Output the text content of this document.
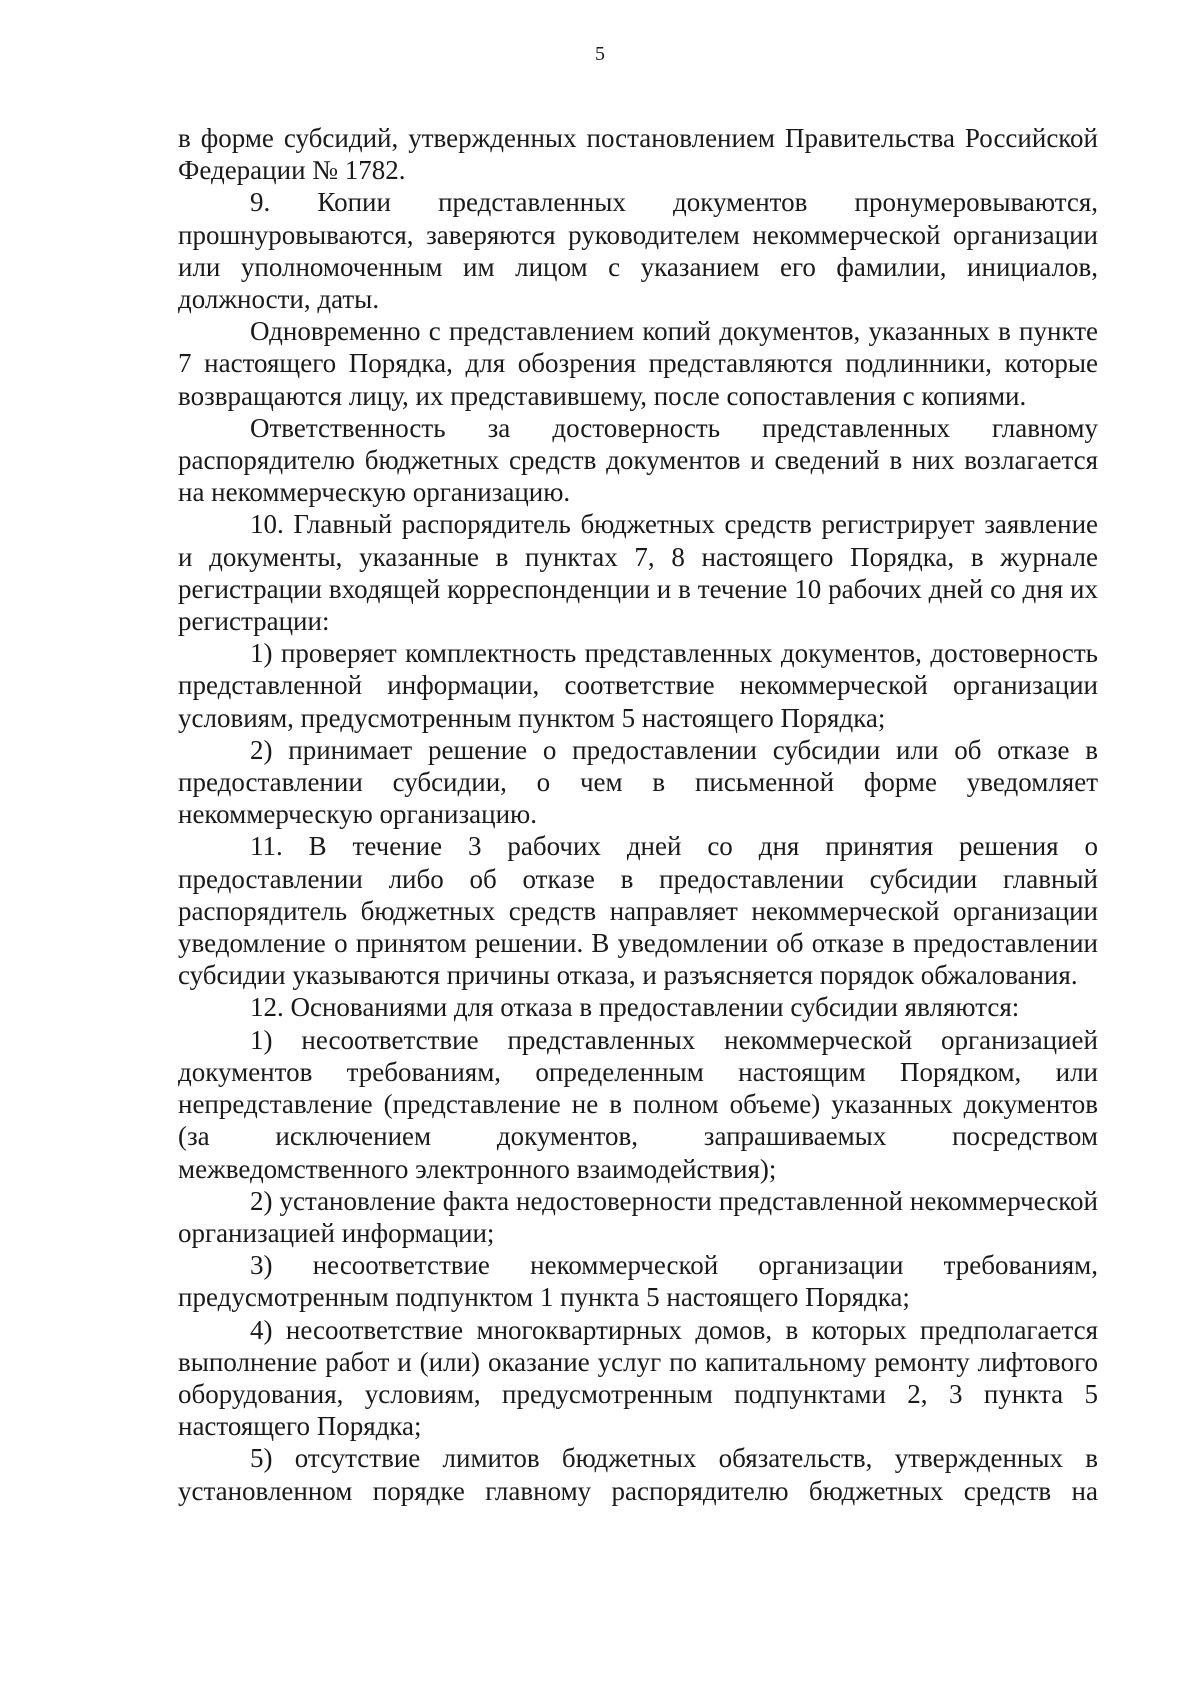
5

в форме субсидий, утвержденных постановлением Правительства Российской Федерации № 1782.

9. Копии представленных документов пронумеровываются, прошнуровываются, заверяются руководителем некоммерческой организации или уполномоченным им лицом с указанием его фамилии, инициалов, должности, даты.

Одновременно с представлением копий документов, указанных в пункте 7 настоящего Порядка, для обозрения представляются подлинники, которые возвращаются лицу, их представившему, после сопоставления с копиями.

Ответственность за достоверность представленных главному распорядителю бюджетных средств документов и сведений в них возлагается на некоммерческую организацию.

10. Главный распорядитель бюджетных средств регистрирует заявление и документы, указанные в пунктах 7, 8 настоящего Порядка, в журнале регистрации входящей корреспонденции и в течение 10 рабочих дней со дня их регистрации:

1) проверяет комплектность представленных документов, достоверность представленной информации, соответствие некоммерческой организации условиям, предусмотренным пунктом 5 настоящего Порядка;

2) принимает решение о предоставлении субсидии или об отказе в предоставлении субсидии, о чем в письменной форме уведомляет некоммерческую организацию.

11. В течение 3 рабочих дней со дня принятия решения о предоставлении либо об отказе в предоставлении субсидии главный распорядитель бюджетных средств направляет некоммерческой организации уведомление о принятом решении. В уведомлении об отказе в предоставлении субсидии указываются причины отказа, и разъясняется порядок обжалования.

12. Основаниями для отказа в предоставлении субсидии являются:

1) несоответствие представленных некоммерческой организацией документов требованиям, определенным настоящим Порядком, или непредставление (представление не в полном объеме) указанных документов (за исключением документов, запрашиваемых посредством межведомственного электронного взаимодействия);

2) установление факта недостоверности представленной некоммерческой организацией информации;

3) несоответствие некоммерческой организации требованиям, предусмотренным подпунктом 1 пункта 5 настоящего Порядка;

4) несоответствие многоквартирных домов, в которых предполагается выполнение работ и (или) оказание услуг по капитальному ремонту лифтового оборудования, условиям, предусмотренным подпунктами 2, 3 пункта 5 настоящего Порядка;

5) отсутствие лимитов бюджетных обязательств, утвержденных в установленном порядке главному распорядителю бюджетных средств на
